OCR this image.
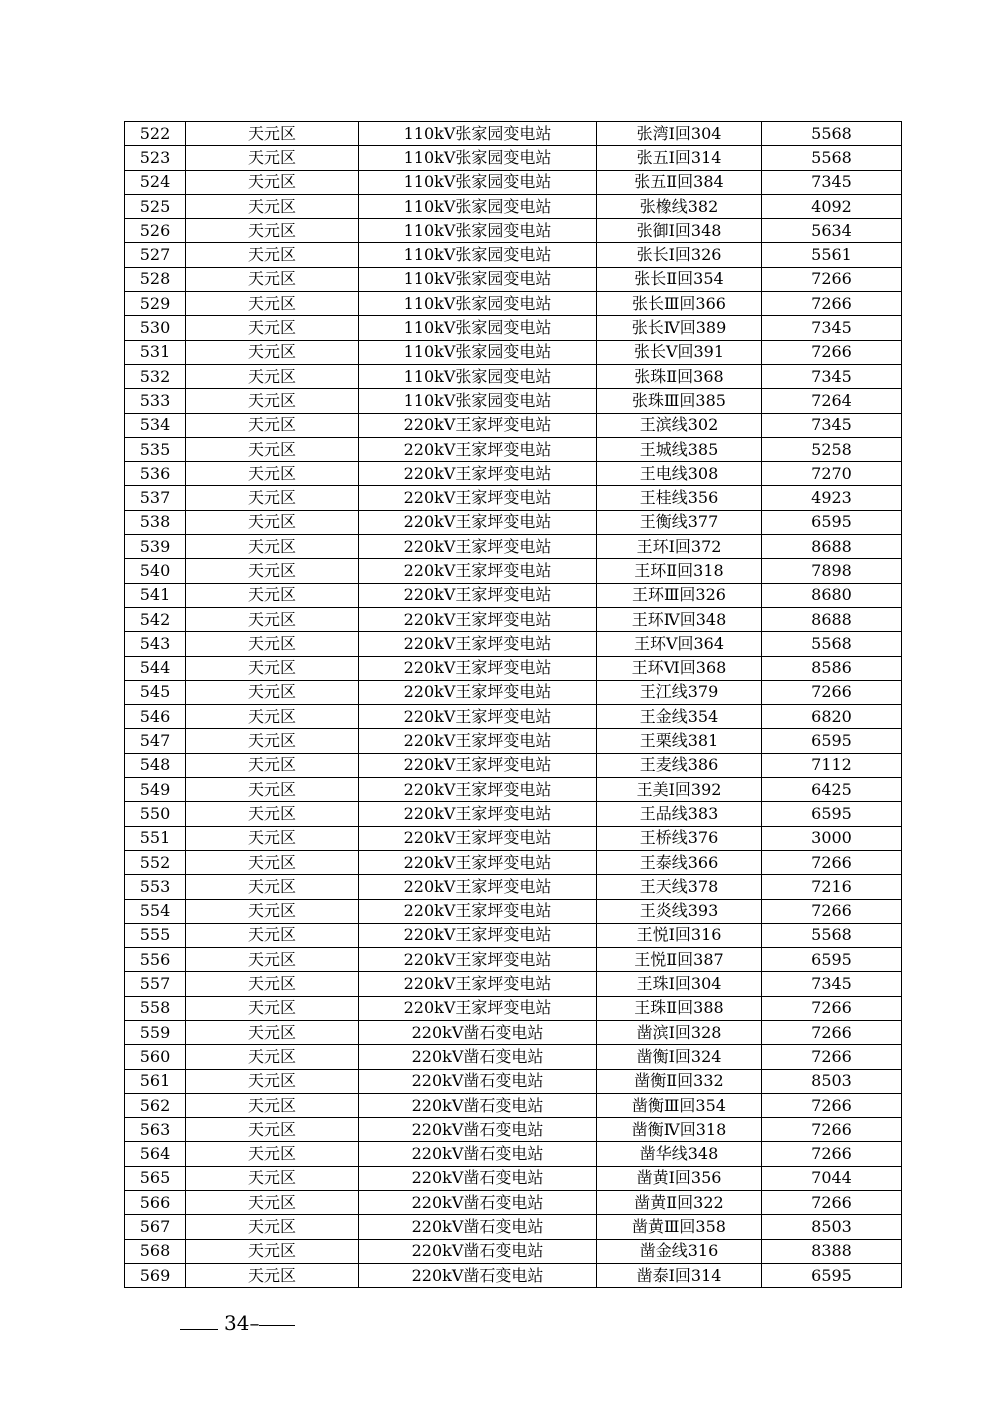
522	天元区	110kV张家园变电站	张湾Ⅰ回304	5568
523	天元区	110kV张家园变电站	张五Ⅰ回314	5568
524	天元区	110kV张家园变电站	张五Ⅱ回384	7345
525	天元区	110kV张家园变电站	张橡线382	4092
526	天元区	110kV张家园变电站	张御Ⅰ回348	5634
527	天元区	110kV张家园变电站	张长Ⅰ回326	5561
528	天元区	110kV张家园变电站	张长Ⅱ回354	7266
529	天元区	110kV张家园变电站	张长Ⅲ回366	7266
530	天元区	110kV张家园变电站	张长Ⅳ回389	7345
531	天元区	110kV张家园变电站	张长Ⅴ回391	7266
532	天元区	110kV张家园变电站	张珠Ⅱ回368	7345
533	天元区	110kV张家园变电站	张珠Ⅲ回385	7264
534	天元区	220kV王家坪变电站	王滨线302	7345
535	天元区	220kV王家坪变电站	王城线385	5258
536	天元区	220kV王家坪变电站	王电线308	7270
537	天元区	220kV王家坪变电站	王桂线356	4923
538	天元区	220kV王家坪变电站	王衡线377	6595
539	天元区	220kV王家坪变电站	王环Ⅰ回372	8688
540	天元区	220kV王家坪变电站	王环Ⅱ回318	7898
541	天元区	220kV王家坪变电站	王环Ⅲ回326	8680
542	天元区	220kV王家坪变电站	王环Ⅳ回348	8688
543	天元区	220kV王家坪变电站	王环Ⅴ回364	5568
544	天元区	220kV王家坪变电站	王环Ⅵ回368	8586
545	天元区	220kV王家坪变电站	王江线379	7266
546	天元区	220kV王家坪变电站	王金线354	6820
547	天元区	220kV王家坪变电站	王栗线381	6595
548	天元区	220kV王家坪变电站	王麦线386	7112
549	天元区	220kV王家坪变电站	王美Ⅰ回392	6425
550	天元区	220kV王家坪变电站	王品线383	6595
551	天元区	220kV王家坪变电站	王桥线376	3000
552	天元区	220kV王家坪变电站	王泰线366	7266
553	天元区	220kV王家坪变电站	王天线378	7216
554	天元区	220kV王家坪变电站	王炎线393	7266
555	天元区	220kV王家坪变电站	王悦Ⅰ回316	5568
556	天元区	220kV王家坪变电站	王悦Ⅱ回387	6595
557	天元区	220kV王家坪变电站	王珠Ⅰ回304	7345
558	天元区	220kV王家坪变电站	王珠Ⅱ回388	7266
559	天元区	220kV凿石变电站	凿滨Ⅰ回328	7266
560	天元区	220kV凿石变电站	凿衡Ⅰ回324	7266
561	天元区	220kV凿石变电站	凿衡Ⅱ回332	8503
562	天元区	220kV凿石变电站	凿衡Ⅲ回354	7266
563	天元区	220kV凿石变电站	凿衡Ⅳ回318	7266
564	天元区	220kV凿石变电站	凿华线348	7266
565	天元区	220kV凿石变电站	凿黄Ⅰ回356	7044
566	天元区	220kV凿石变电站	凿黄Ⅱ回322	7266
567	天元区	220kV凿石变电站	凿黄Ⅲ回358	8503
568	天元区	220kV凿石变电站	凿金线316	8388
569	天元区	220kV凿石变电站	凿泰Ⅰ回314	6595
34–
